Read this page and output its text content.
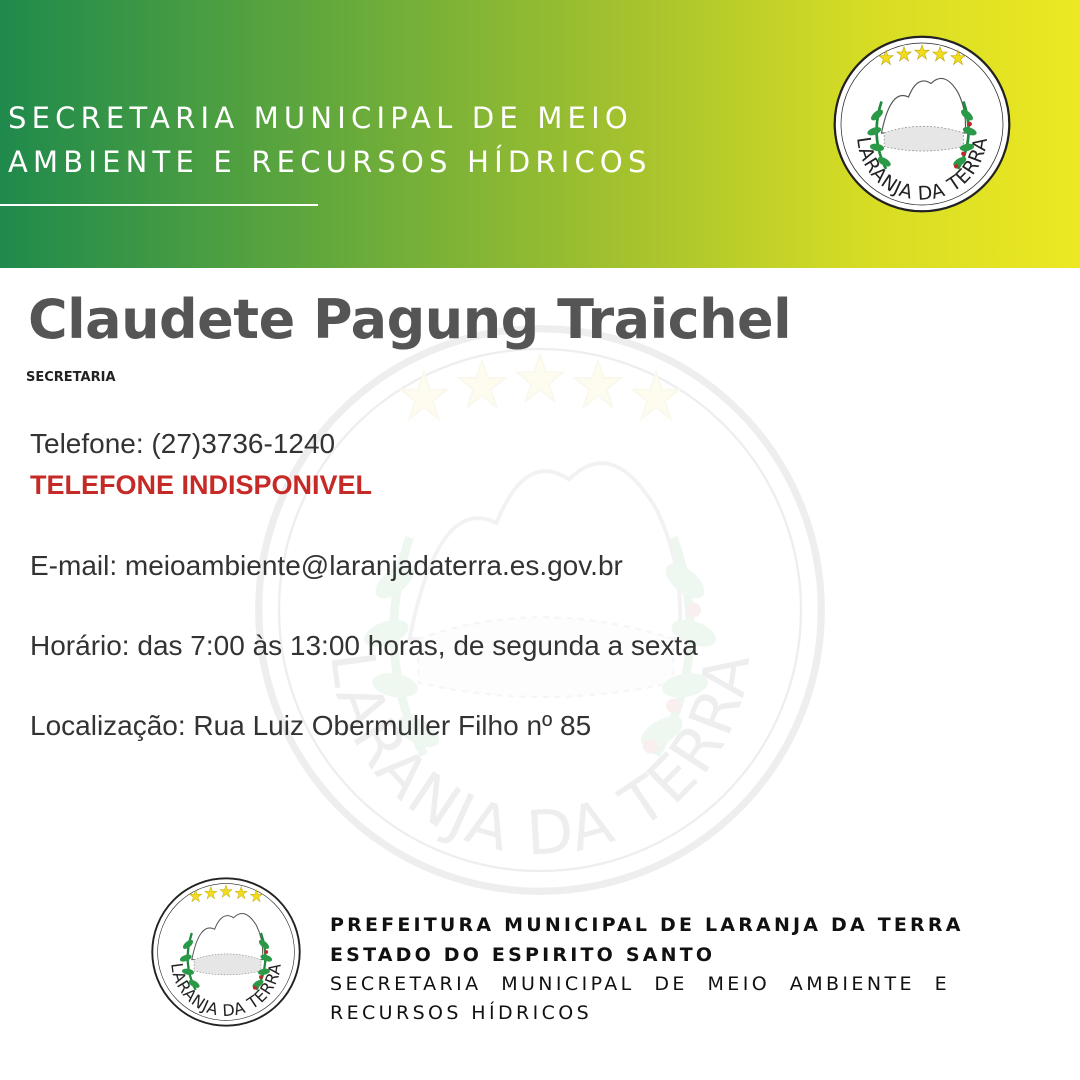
SECRETARIA MUNICIPAL DE MEIO
AMBIENTE E RECURSOS HÍDRICOS
Claudete Pagung Traichel
SECRETARIA
Telefone: (27)3736-1240
TELEFONE INDISPONIVEL
E-mail: meioambiente@laranjadaterra.es.gov.br
Horário: das 7:00 às 13:00 horas, de segunda a sexta
Localização: Rua Luiz Obermuller Filho nº 85
PREFEITURA MUNICIPAL DE LARANJA DA TERRA
ESTADO DO ESPIRITO SANTO
SECRETARIA MUNICIPAL DE MEIO AMBIENTE E RECURSOS HÍDRICOS
